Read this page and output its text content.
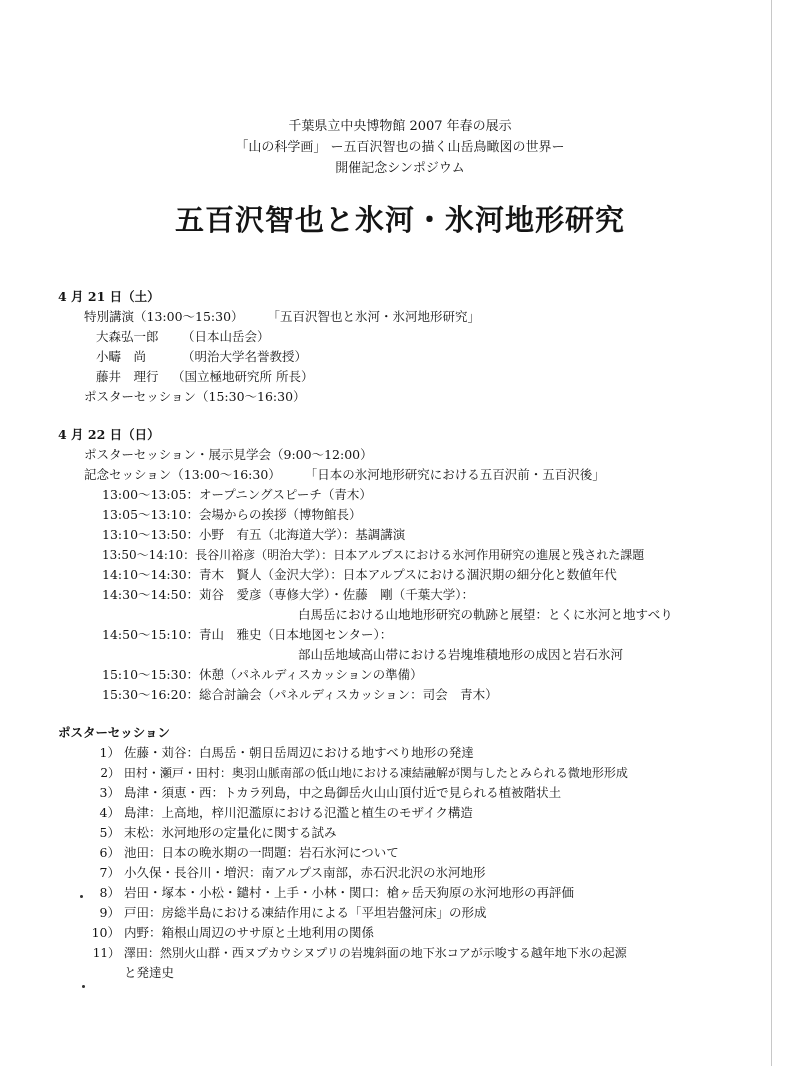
千葉県立中央博物館 2007 年春の展示
「山の科学画」 ー五百沢智也の描く山岳鳥瞰図の世界ー
開催記念シンポジウム
五百沢智也と氷河・氷河地形研究
4 月 21 日（土）
特別講演（13:00〜15:30） 「五百沢智也と氷河・氷河地形研究」
大森弘一郎 （日本山岳会）
小疇　尚	（明治大学名誉教授）
藤井　理行 （国立極地研究所 所長）
ポスターセッション（15:30〜16:30）
4 月 22 日（日）
ポスターセッション・展示見学会（9:00〜12:00）
記念セッション（13:00〜16:30） 「日本の氷河地形研究における五百沢前・五百沢後」
13:00〜13:05：オープニングスピーチ（青木）
13:05〜13:10：会場からの挨拶（博物館長）
13:10〜13:50：小野　有五（北海道大学）：基調講演
13:50〜14:10：長谷川裕彦（明治大学）：日本アルプスにおける氷河作用研究の進展と残された課題
14:10〜14:30：青木　賢人（金沢大学）：日本アルプスにおける涸沢期の細分化と数値年代
14:30〜14:50：苅谷　愛彦（専修大学）・佐藤　剛（千葉大学）：
白馬岳における山地地形研究の軌跡と展望：とくに氷河と地すべり
14:50〜15:10：青山　雅史（日本地図センター）：
部山岳地域高山帯における岩塊堆積地形の成因と岩石氷河
15:10〜15:30：休憩（パネルディスカッションの準備）
15:30〜16:20：総合討論会（パネルディスカッション：司会　青木）
ポスターセッション
1） 佐藤・苅谷：白馬岳・朝日岳周辺における地すべり地形の発達
2） 田村・瀬戸・田村：奥羽山脈南部の低山地における凍結融解が関与したとみられる微地形形成
3） 島津・須恵・西：トカラ列島，中之島御岳火山山頂付近で見られる植被階状土
4） 島津：上高地，梓川氾濫原における氾濫と植生のモザイク構造
5） 末松：氷河地形の定量化に関する試み
6） 池田：日本の晩氷期の一問題：岩石氷河について
7） 小久保・長谷川・増沢：南アルプス南部，赤石沢北沢の氷河地形
8） 岩田・塚本・小松・鑓村・上手・小林・関口：槍ヶ岳天狗原の氷河地形の再評価
9） 戸田：房総半島における凍結作用による「平坦岩盤河床」の形成
10） 内野：箱根山周辺のササ原と土地利用の関係
11） 澤田：然別火山群・西ヌプカウシヌプリの岩塊斜面の地下氷コアが示唆する越年地下氷の起源
と発達史
